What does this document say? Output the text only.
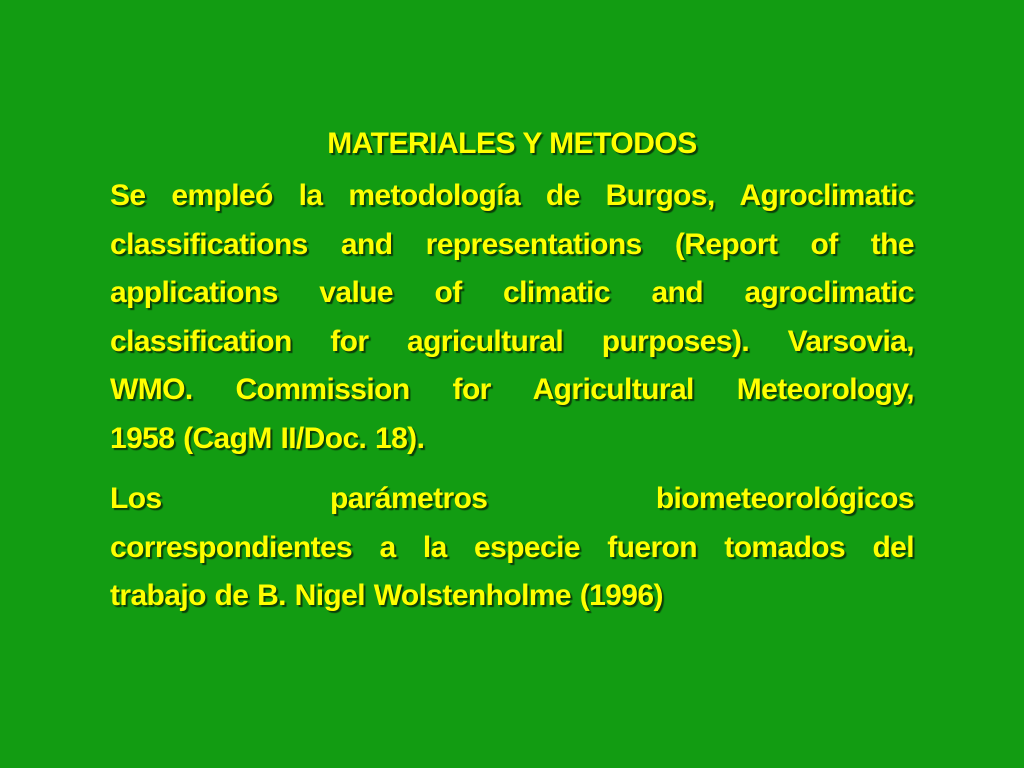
MATERIALES Y METODOS
Se empleó la metodología de Burgos, Agroclimatic
classifications and representations (Report of the
applications value of climatic and agroclimatic
classification for agricultural purposes). Varsovia,
WMO. Commission for Agricultural Meteorology,
1958 (CagM II/Doc. 18).
Los parámetros biometeorológicos
correspondientes a la especie fueron tomados del
trabajo de B. Nigel Wolstenholme (1996)
